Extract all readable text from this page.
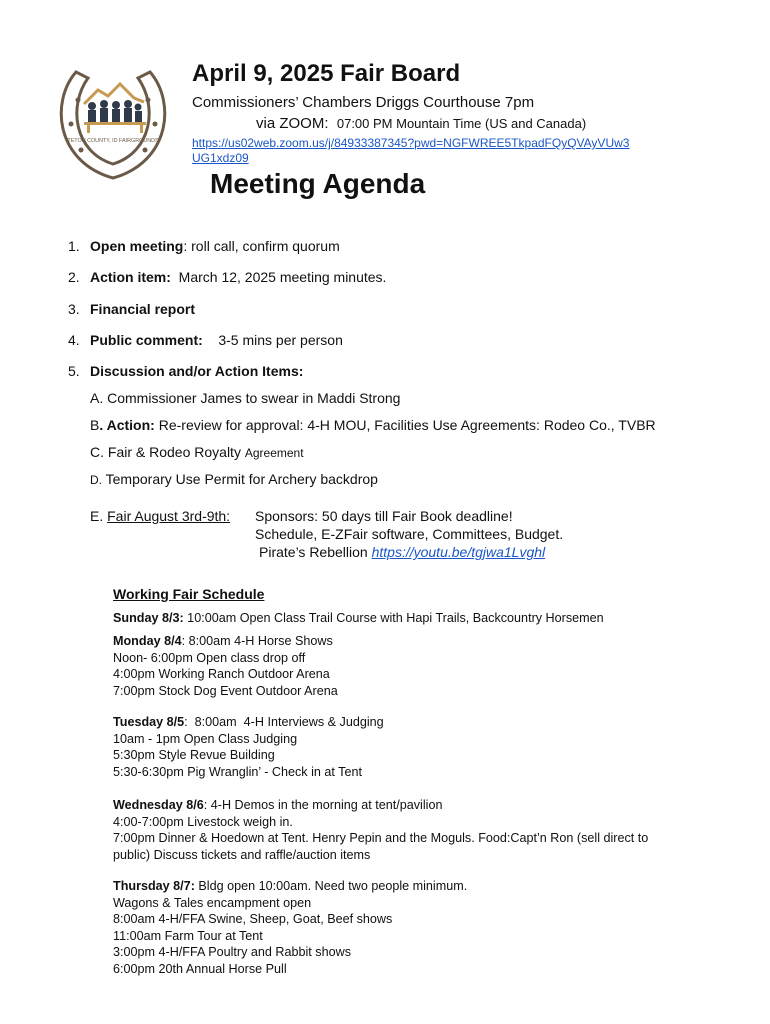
TETON COUNTY, ID FAIRGROUNDS
April 9, 2025 Fair Board
Commissioners’ Chambers Driggs Courthouse 7pm
via ZOOM: 07:00 PM Mountain Time (US and Canada)
https://us02web.zoom.us/j/84933387345?pwd=NGFWREE5TkpadFQyQVAyVUw3
UG1xdz09
Meeting Agenda
1. Open meeting: roll call, confirm quorum
2. Action item:  March 12, 2025 meeting minutes.
3. Financial report
4. Public comment:    3-5 mins per person
5. Discussion and/or Action Items:
A. Commissioner James to swear in Maddi Strong
B. Action: Re-review for approval: 4-H MOU, Facilities Use Agreements: Rodeo Co., TVBR
C. Fair & Rodeo Royalty Agreement
D. Temporary Use Permit for Archery backdrop
E. Fair August 3rd-9th: Sponsors: 50 days till Fair Book deadline!
Schedule, E-ZFair software, Committees, Budget.
Pirate’s Rebellion https://youtu.be/tgjwa1Lvghl
Working Fair Schedule
Sunday 8/3: 10:00am Open Class Trail Course with Hapi Trails, Backcountry Horsemen
Monday 8/4: 8:00am 4-H Horse Shows
Noon- 6:00pm Open class drop off
4:00pm Working Ranch Outdoor Arena
7:00pm Stock Dog Event Outdoor Arena
Tuesday 8/5:  8:00am  4-H Interviews & Judging
10am - 1pm Open Class Judging
5:30pm Style Revue Building
5:30-6:30pm Pig Wranglin’ - Check in at Tent
Wednesday 8/6: 4-H Demos in the morning at tent/pavilion
4:00-7:00pm Livestock weigh in.
7:00pm Dinner & Hoedown at Tent. Henry Pepin and the Moguls. Food:Capt’n Ron (sell direct to
public) Discuss tickets and raffle/auction items
Thursday 8/7: Bldg open 10:00am. Need two people minimum.
Wagons & Tales encampment open
8:00am 4-H/FFA Swine, Sheep, Goat, Beef shows
11:00am Farm Tour at Tent
3:00pm 4-H/FFA Poultry and Rabbit shows
6:00pm 20th Annual Horse Pull
